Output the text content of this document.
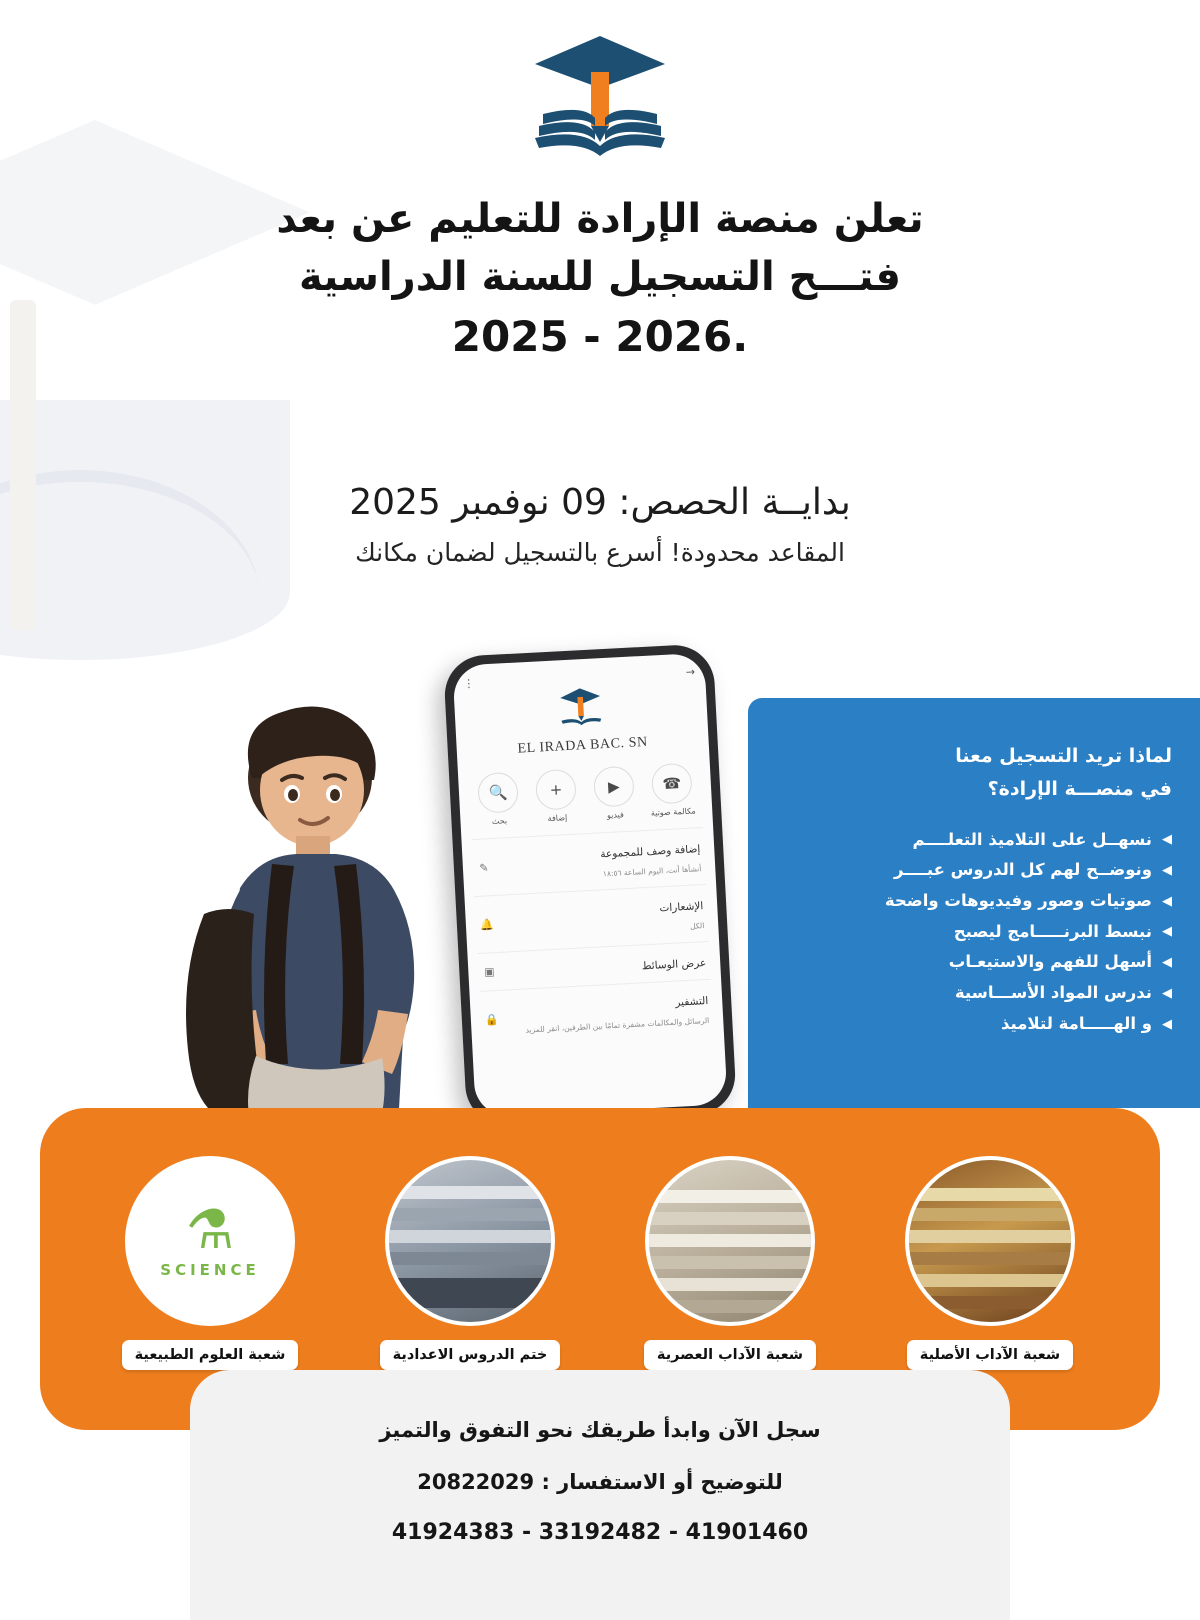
تعلن منصة الإرادة للتعليم عن بعد
فتـــح التسجيل للسنة الدراسية
2025 - 2026.
بدايــة الحصص: 09 نوفمبر 2025
المقاعد محدودة! أسرع بالتسجيل لضمان مكانك
لماذا تريد التسجيل معنا
في منصـــة الإرادة؟
◀
نسهــل على التلاميذ التعلــــم
◀
ونوضــح لهم كل الدروس عبــــر
◀
صوتيات وصور وفيديوهات واضحة
◀
نبسط البرنـــــامج ليصبح
◀
أسهل للفهم والاستيعـاب
◀
ندرس المواد الأســـاسية
◀
و الهـــــامة لتلاميذ
→
⋮
EL IRADA BAC. SN
☎
مكالمة صوتية
▶
فيديو
+
إضافة
🔍
بحث
✎
إضافة وصف للمجموعة
أنشأها أنت، اليوم الساعة ١٨:٥٦
🔔
الإشعارات
الكل
▣	عرض الوسائط
🔒
التشفير
الرسائل والمكالمات مشفرة تمامًا بين الطرفين، انقر للمزيد
شعبة الآداب الأصلية
شعبة الآداب العصرية
ختم الدروس الاعدادية
⚗
SCIENCE
شعبة العلوم الطبيعية
سجل الآن وابدأ طريقك نحو التفوق والتميز
للتوضيح أو الاستفسار : 20822029
41924383 - 33192482 - 41901460
